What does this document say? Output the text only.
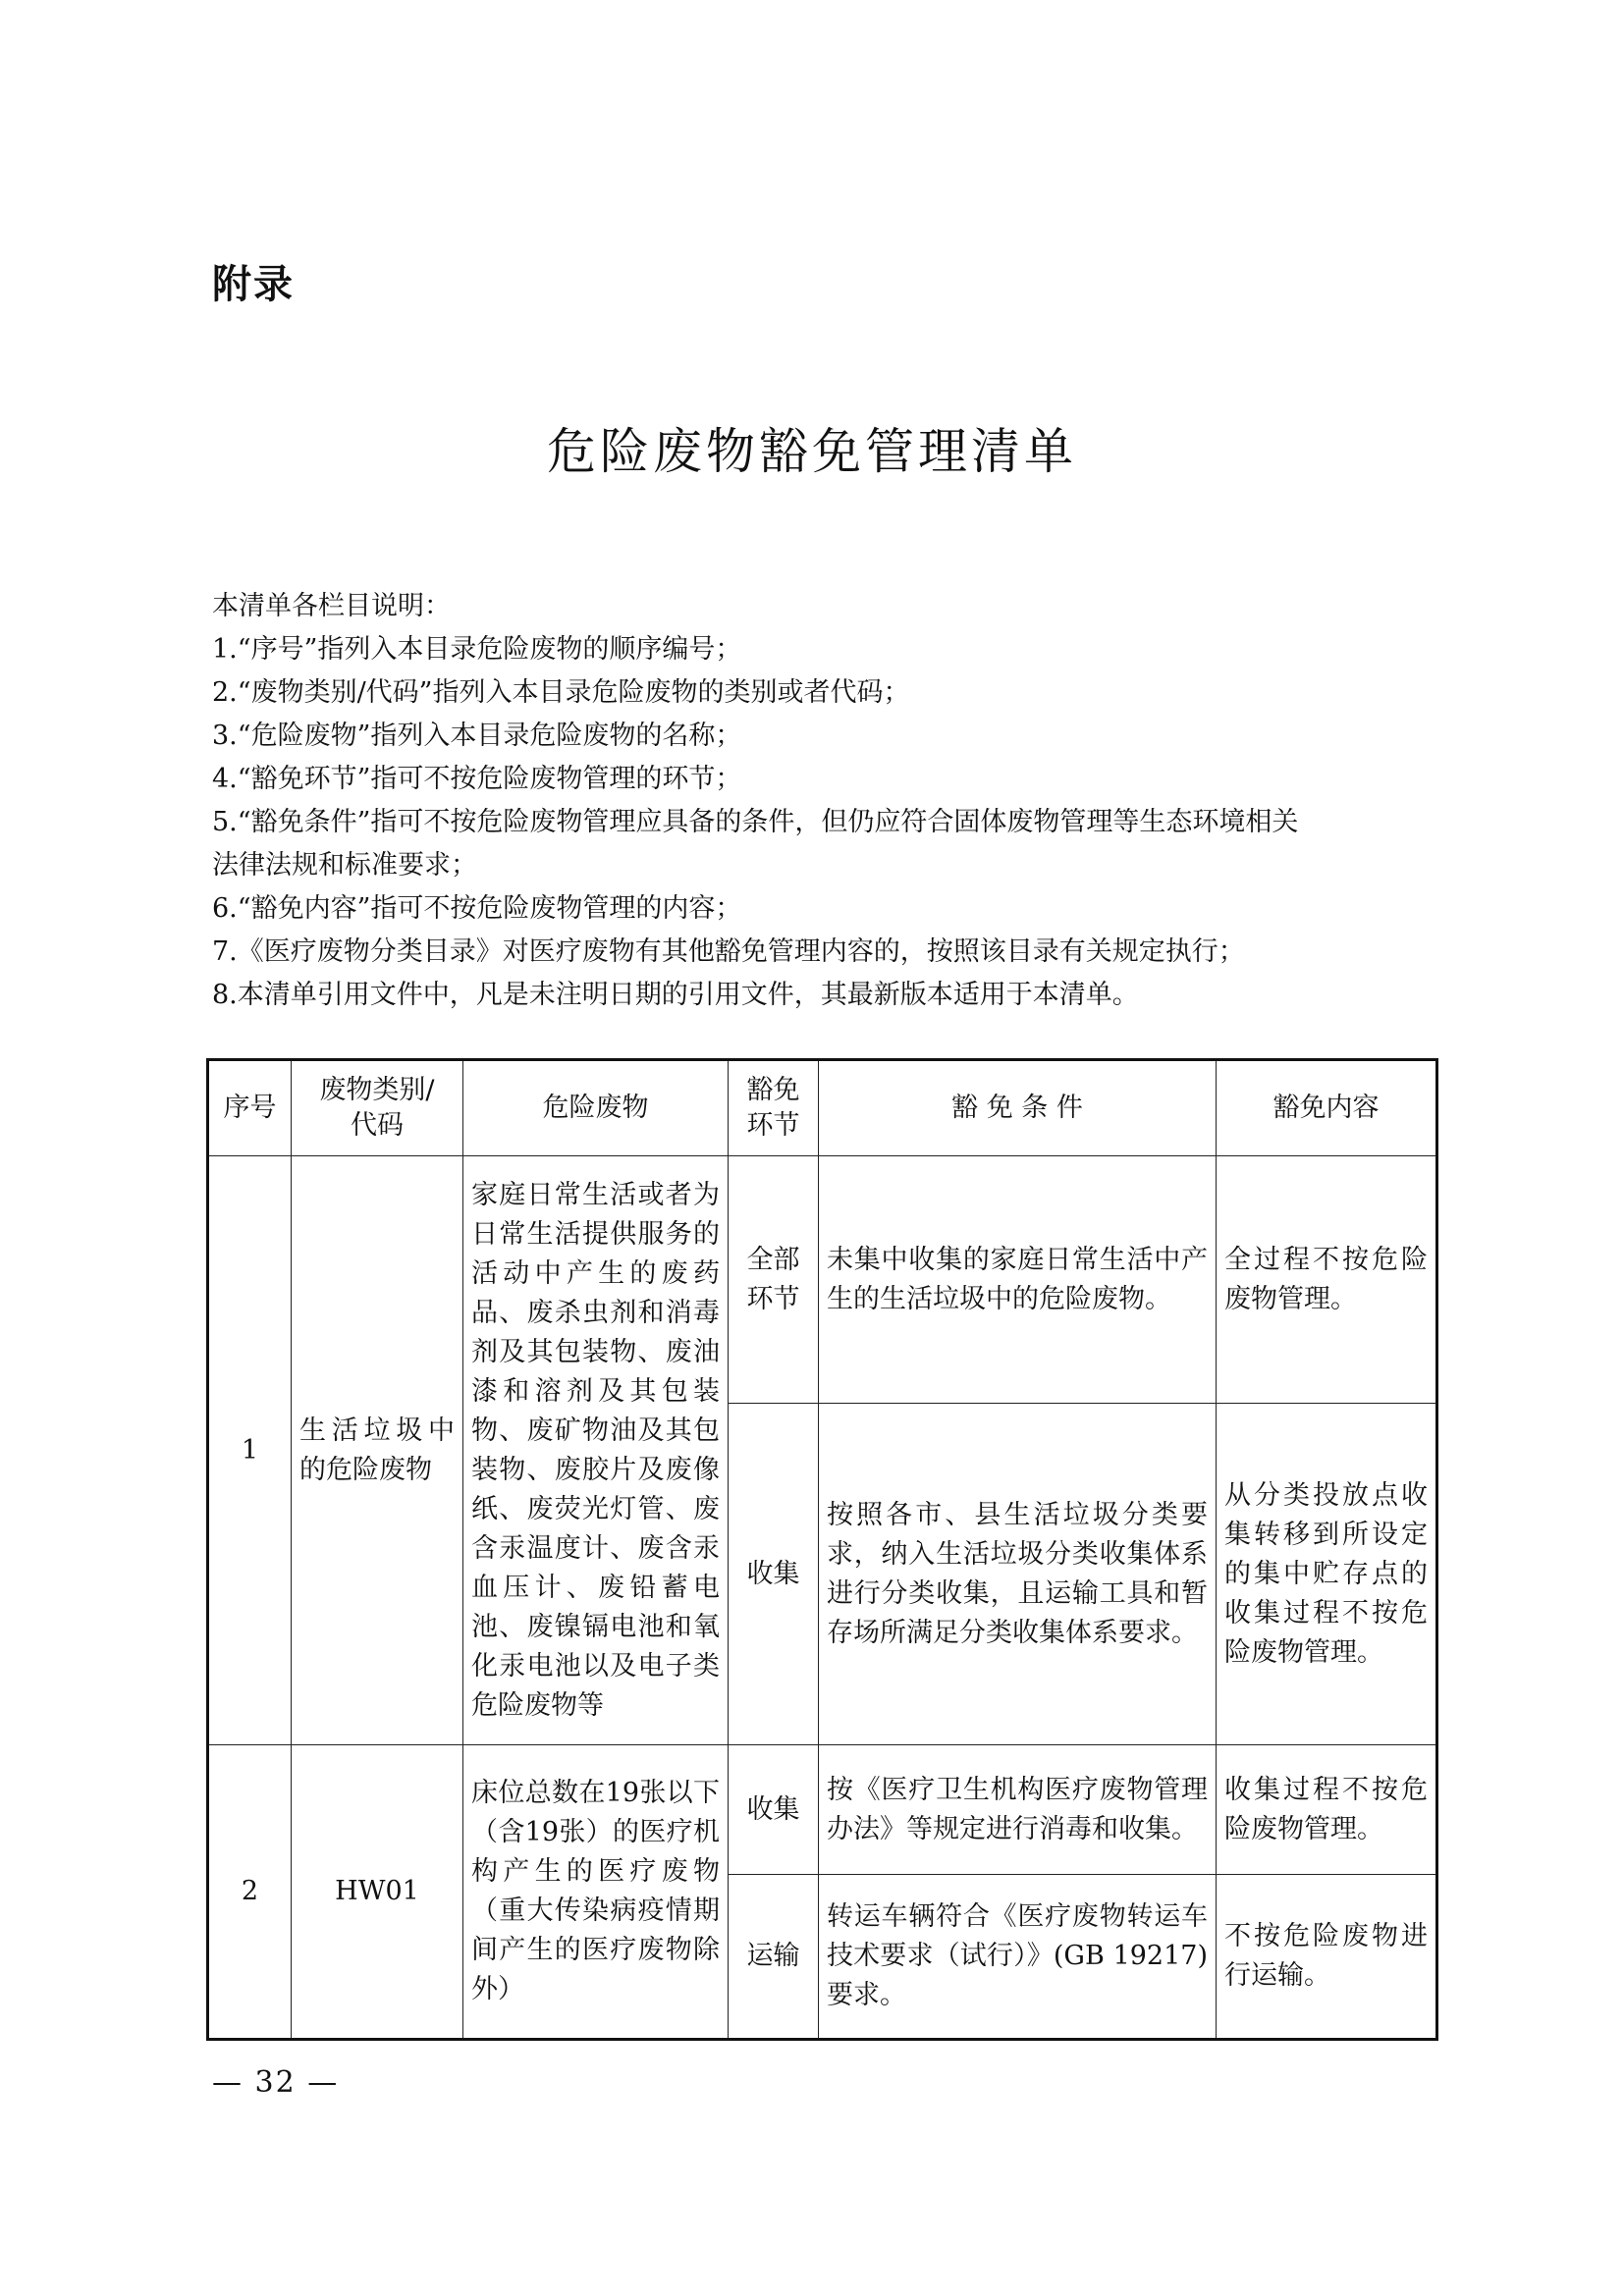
附录
危险废物豁免管理清单

本清单各栏目说明：

1.“序号”指列入本目录危险废物的顺序编号；

2.“废物类别/代码”指列入本目录危险废物的类别或者代码；

3.“危险废物”指列入本目录危险废物的名称；

4.“豁免环节”指可不按危险废物管理的环节；

5.“豁免条件”指可不按危险废物管理应具备的条件，但仍应符合固体废物管理等生态环境相关

法律法规和标准要求；

6.“豁免内容”指可不按危险废物管理的内容；

7.《医疗废物分类目录》对医疗废物有其他豁免管理内容的，按照该目录有关规定执行；

8.本清单引用文件中，凡是未注明日期的引用文件，其最新版本适用于本清单。

序号	废物类别/代码	危险废物	豁免环节	豁 免 条 件	豁免内容
1	生活垃圾中的危险废物	家庭日常生活或者为日常生活提供服务的活动中产生的废药品、废杀虫剂和消毒剂及其包装物、废油漆和溶剂及其包装物、废矿物油及其包装物、废胶片及废像纸、废荧光灯管、废含汞温度计、废含汞血压计、废铅蓄电池、废镍镉电池和氧化汞电池以及电子类危险废物等	全部环节	未集中收集的家庭日常生活中产生的生活垃圾中的危险废物。	全过程不按危险废物管理。
			收集	按照各市、县生活垃圾分类要求，纳入生活垃圾分类收集体系进行分类收集，且运输工具和暂存场所满足分类收集体系要求。	从分类投放点收集转移到所设定的集中贮存点的收集过程不按危险废物管理。
2	HW01	床位总数在19张以下（含19张）的医疗机构产生的医疗废物（重大传染病疫情期间产生的医疗废物除外）	收集	按《医疗卫生机构医疗废物管理办法》等规定进行消毒和收集。	收集过程不按危险废物管理。
			运输	转运车辆符合《医疗废物转运车技术要求（试行）》(GB 19217)要求。	不按危险废物进行运输。
— 32 —
